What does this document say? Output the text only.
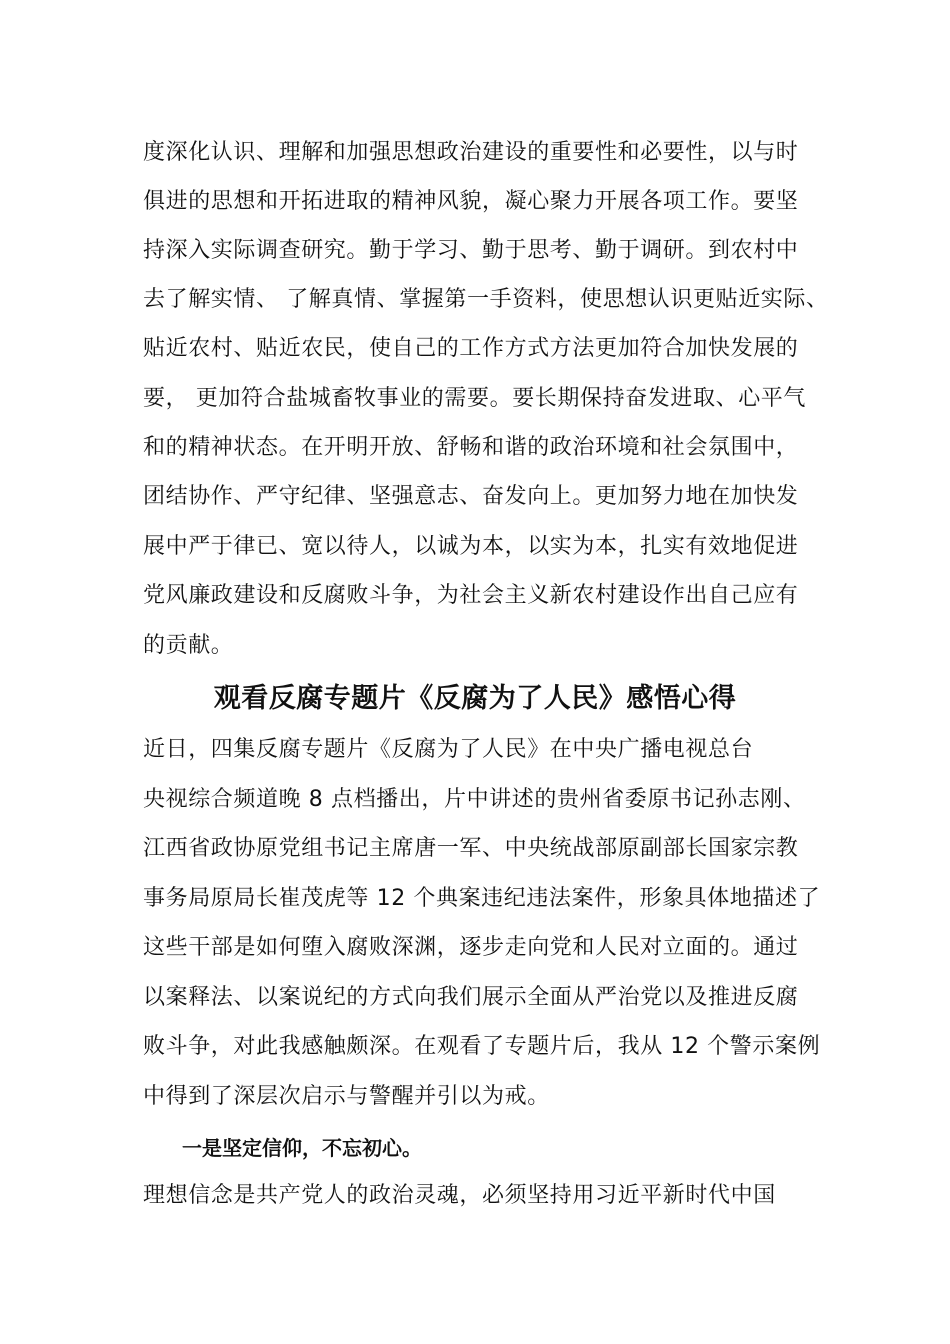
度深化认识、理解和加强思想政治建设的重要性和必要性，以与时
俱进的思想和开拓进取的精神风貌，凝心聚力开展各项工作。要坚
持深入实际调查研究。勤于学习、勤于思考、勤于调研。到农村中
去了解实情、 了解真情、掌握第一手资料，使思想认识更贴近实际、
贴近农村、贴近农民，使自己的工作方式方法更加符合加快发展的
要， 更加符合盐城畜牧事业的需要。要长期保持奋发进取、心平气
和的精神状态。在开明开放、舒畅和谐的政治环境和社会氛围中，
团结协作、严守纪律、坚强意志、奋发向上。更加努力地在加快发
展中严于律已、宽以待人，以诚为本，以实为本，扎实有效地促进
党风廉政建设和反腐败斗争，为社会主义新农村建设作出自己应有
的贡献。
观看反腐专题片《反腐为了人民》感悟心得
近日，四集反腐专题片《反腐为了人民》在中央广播电视总台
央视综合频道晚 8 点档播出，片中讲述的贵州省委原书记孙志刚、
江西省政协原党组书记主席唐一军、中央统战部原副部长国家宗教
事务局原局长崔茂虎等 12 个典案违纪违法案件，形象具体地描述了
这些干部是如何堕入腐败深渊，逐步走向党和人民对立面的。通过
以案释法、以案说纪的方式向我们展示全面从严治党以及推进反腐
败斗争，对此我感触颇深。在观看了专题片后，我从 12 个警示案例
中得到了深层次启示与警醒并引以为戒。
一是坚定信仰，不忘初心。
理想信念是共产党人的政治灵魂，必须坚持用习近平新时代中国
